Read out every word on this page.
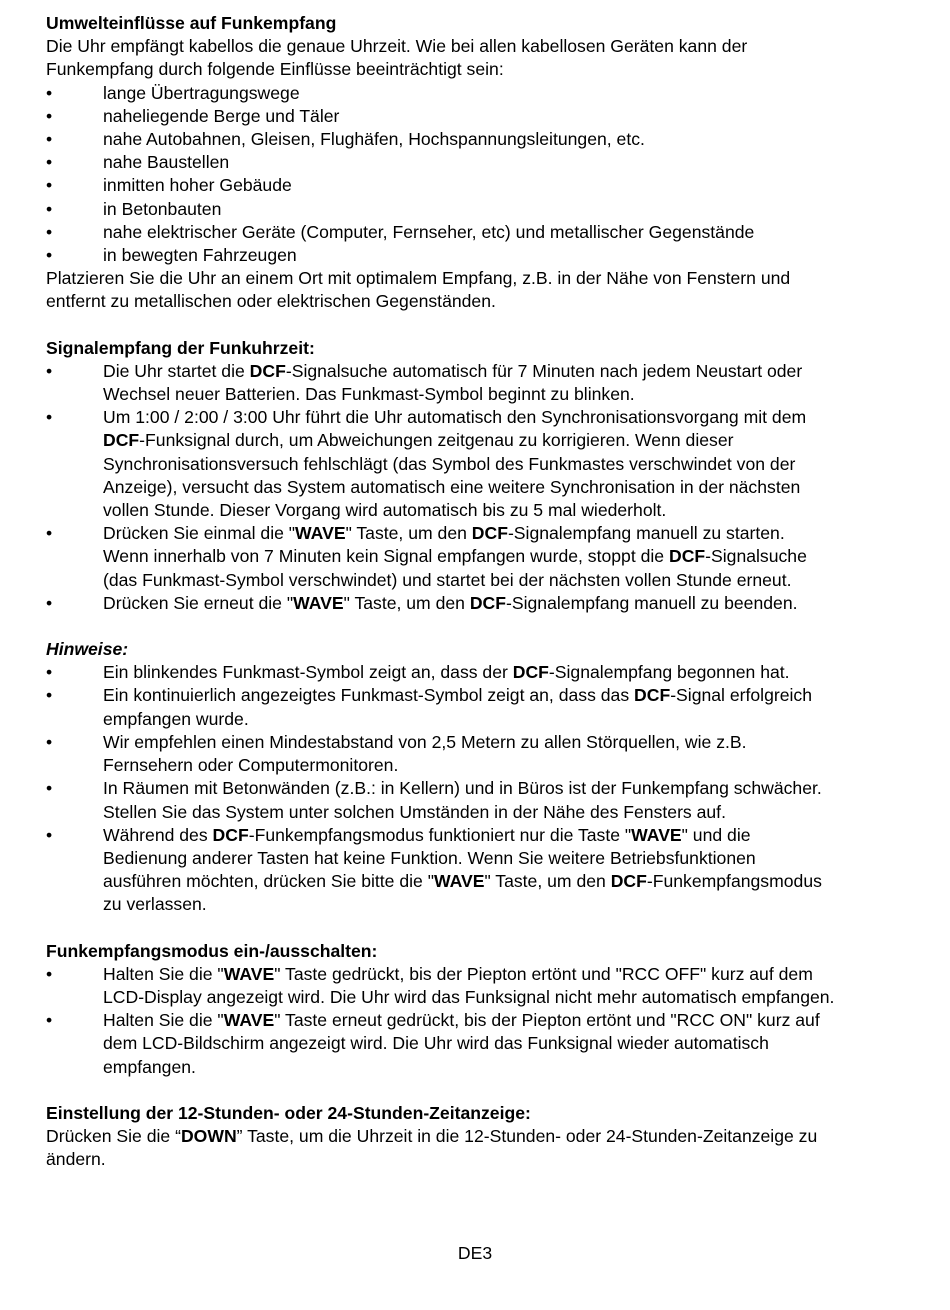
Umwelteinflüsse auf Funkempfang
Die Uhr empfängt kabellos die genaue Uhrzeit. Wie bei allen kabellosen Geräten kann der
Funkempfang durch folgende Einflüsse beeinträchtigt sein:
•	lange Übertragungswege
•	naheliegende Berge und Täler
•	nahe Autobahnen, Gleisen, Flughäfen, Hochspannungsleitungen, etc.
•	nahe Baustellen
•	inmitten hoher Gebäude
•	in Betonbauten
•	nahe elektrischer Geräte (Computer, Fernseher, etc) und metallischer Gegenstände
•	in bewegten Fahrzeugen
Platzieren Sie die Uhr an einem Ort mit optimalem Empfang, z.B. in der Nähe von Fenstern und
entfernt zu metallischen oder elektrischen Gegenständen.
Signalempfang der Funkuhrzeit:
•	Die Uhr startet die DCF-Signalsuche automatisch für 7 Minuten nach jedem Neustart oder
Wechsel neuer Batterien. Das Funkmast-Symbol beginnt zu blinken.
•	Um 1:00 / 2:00 / 3:00 Uhr führt die Uhr automatisch den Synchronisationsvorgang mit dem
DCF-Funksignal durch, um Abweichungen zeitgenau zu korrigieren. Wenn dieser
Synchronisationsversuch fehlschlägt (das Symbol des Funkmastes verschwindet von der
Anzeige), versucht das System automatisch eine weitere Synchronisation in der nächsten
vollen Stunde. Dieser Vorgang wird automatisch bis zu 5 mal wiederholt.
•	Drücken Sie einmal die "WAVE" Taste, um den DCF-Signalempfang manuell zu starten.
Wenn innerhalb von 7 Minuten kein Signal empfangen wurde, stoppt die DCF-Signalsuche
(das Funkmast-Symbol verschwindet) und startet bei der nächsten vollen Stunde erneut.
•	Drücken Sie erneut die "WAVE" Taste, um den DCF-Signalempfang manuell zu beenden.
Hinweise:
•	Ein blinkendes Funkmast-Symbol zeigt an, dass der DCF-Signalempfang begonnen hat.
•	Ein kontinuierlich angezeigtes Funkmast-Symbol zeigt an, dass das DCF-Signal erfolgreich
empfangen wurde.
•	Wir empfehlen einen Mindestabstand von 2,5 Metern zu allen Störquellen, wie z.B.
Fernsehern oder Computermonitoren.
•	In Räumen mit Betonwänden (z.B.: in Kellern) und in Büros ist der Funkempfang schwächer.
Stellen Sie das System unter solchen Umständen in der Nähe des Fensters auf.
•	Während des DCF-Funkempfangsmodus funktioniert nur die Taste "WAVE" und die
Bedienung anderer Tasten hat keine Funktion. Wenn Sie weitere Betriebsfunktionen
ausführen möchten, drücken Sie bitte die "WAVE" Taste, um den DCF-Funkempfangsmodus
zu verlassen.
Funkempfangsmodus ein-/ausschalten:
•	Halten Sie die "WAVE" Taste gedrückt, bis der Piepton ertönt und "RCC OFF" kurz auf dem
LCD-Display angezeigt wird. Die Uhr wird das Funksignal nicht mehr automatisch empfangen.
•	Halten Sie die "WAVE" Taste erneut gedrückt, bis der Piepton ertönt und "RCC ON" kurz auf
dem LCD-Bildschirm angezeigt wird. Die Uhr wird das Funksignal wieder automatisch
empfangen.
Einstellung der 12-Stunden- oder 24-Stunden-Zeitanzeige:
Drücken Sie die “DOWN” Taste, um die Uhrzeit in die 12-Stunden- oder 24-Stunden-Zeitanzeige zu
ändern.
DE3
